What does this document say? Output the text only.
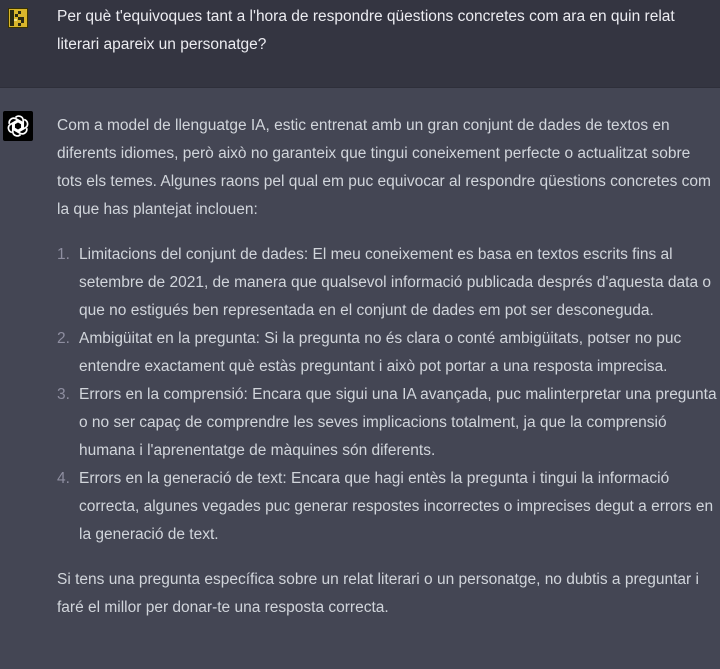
Per què t'equivoques tant a l'hora de respondre qüestions concretes com ara en quin relat literari apareix un personatge?

Com a model de llenguatge IA, estic entrenat amb un gran conjunt de dades de textos en diferents idiomes, però això no garanteix que tingui coneixement perfecte o actualitzat sobre tots els temes. Algunes raons pel qual em puc equivocar al respondre qüestions concretes com la que has plantejat inclouen:

1. Limitacions del conjunt de dades: El meu coneixement es basa en textos escrits fins al setembre de 2021, de manera que qualsevol informació publicada després d'aquesta data o que no estigués ben representada en el conjunt de dades em pot ser desconeguda.
2. Ambigüitat en la pregunta: Si la pregunta no és clara o conté ambigüitats, potser no puc entendre exactament què estàs preguntant i això pot portar a una resposta imprecisa.
3. Errors en la comprensió: Encara que sigui una IA avançada, puc malinterpretar una pregunta o no ser capaç de comprendre les seves implicacions totalment, ja que la comprensió humana i l'aprenentatge de màquines són diferents.
4. Errors en la generació de text: Encara que hagi entès la pregunta i tingui la informació correcta, algunes vegades puc generar respostes incorrectes o imprecises degut a errors en la generació de text.

Si tens una pregunta específica sobre un relat literari o un personatge, no dubtis a preguntar i faré el millor per donar-te una resposta correcta.
